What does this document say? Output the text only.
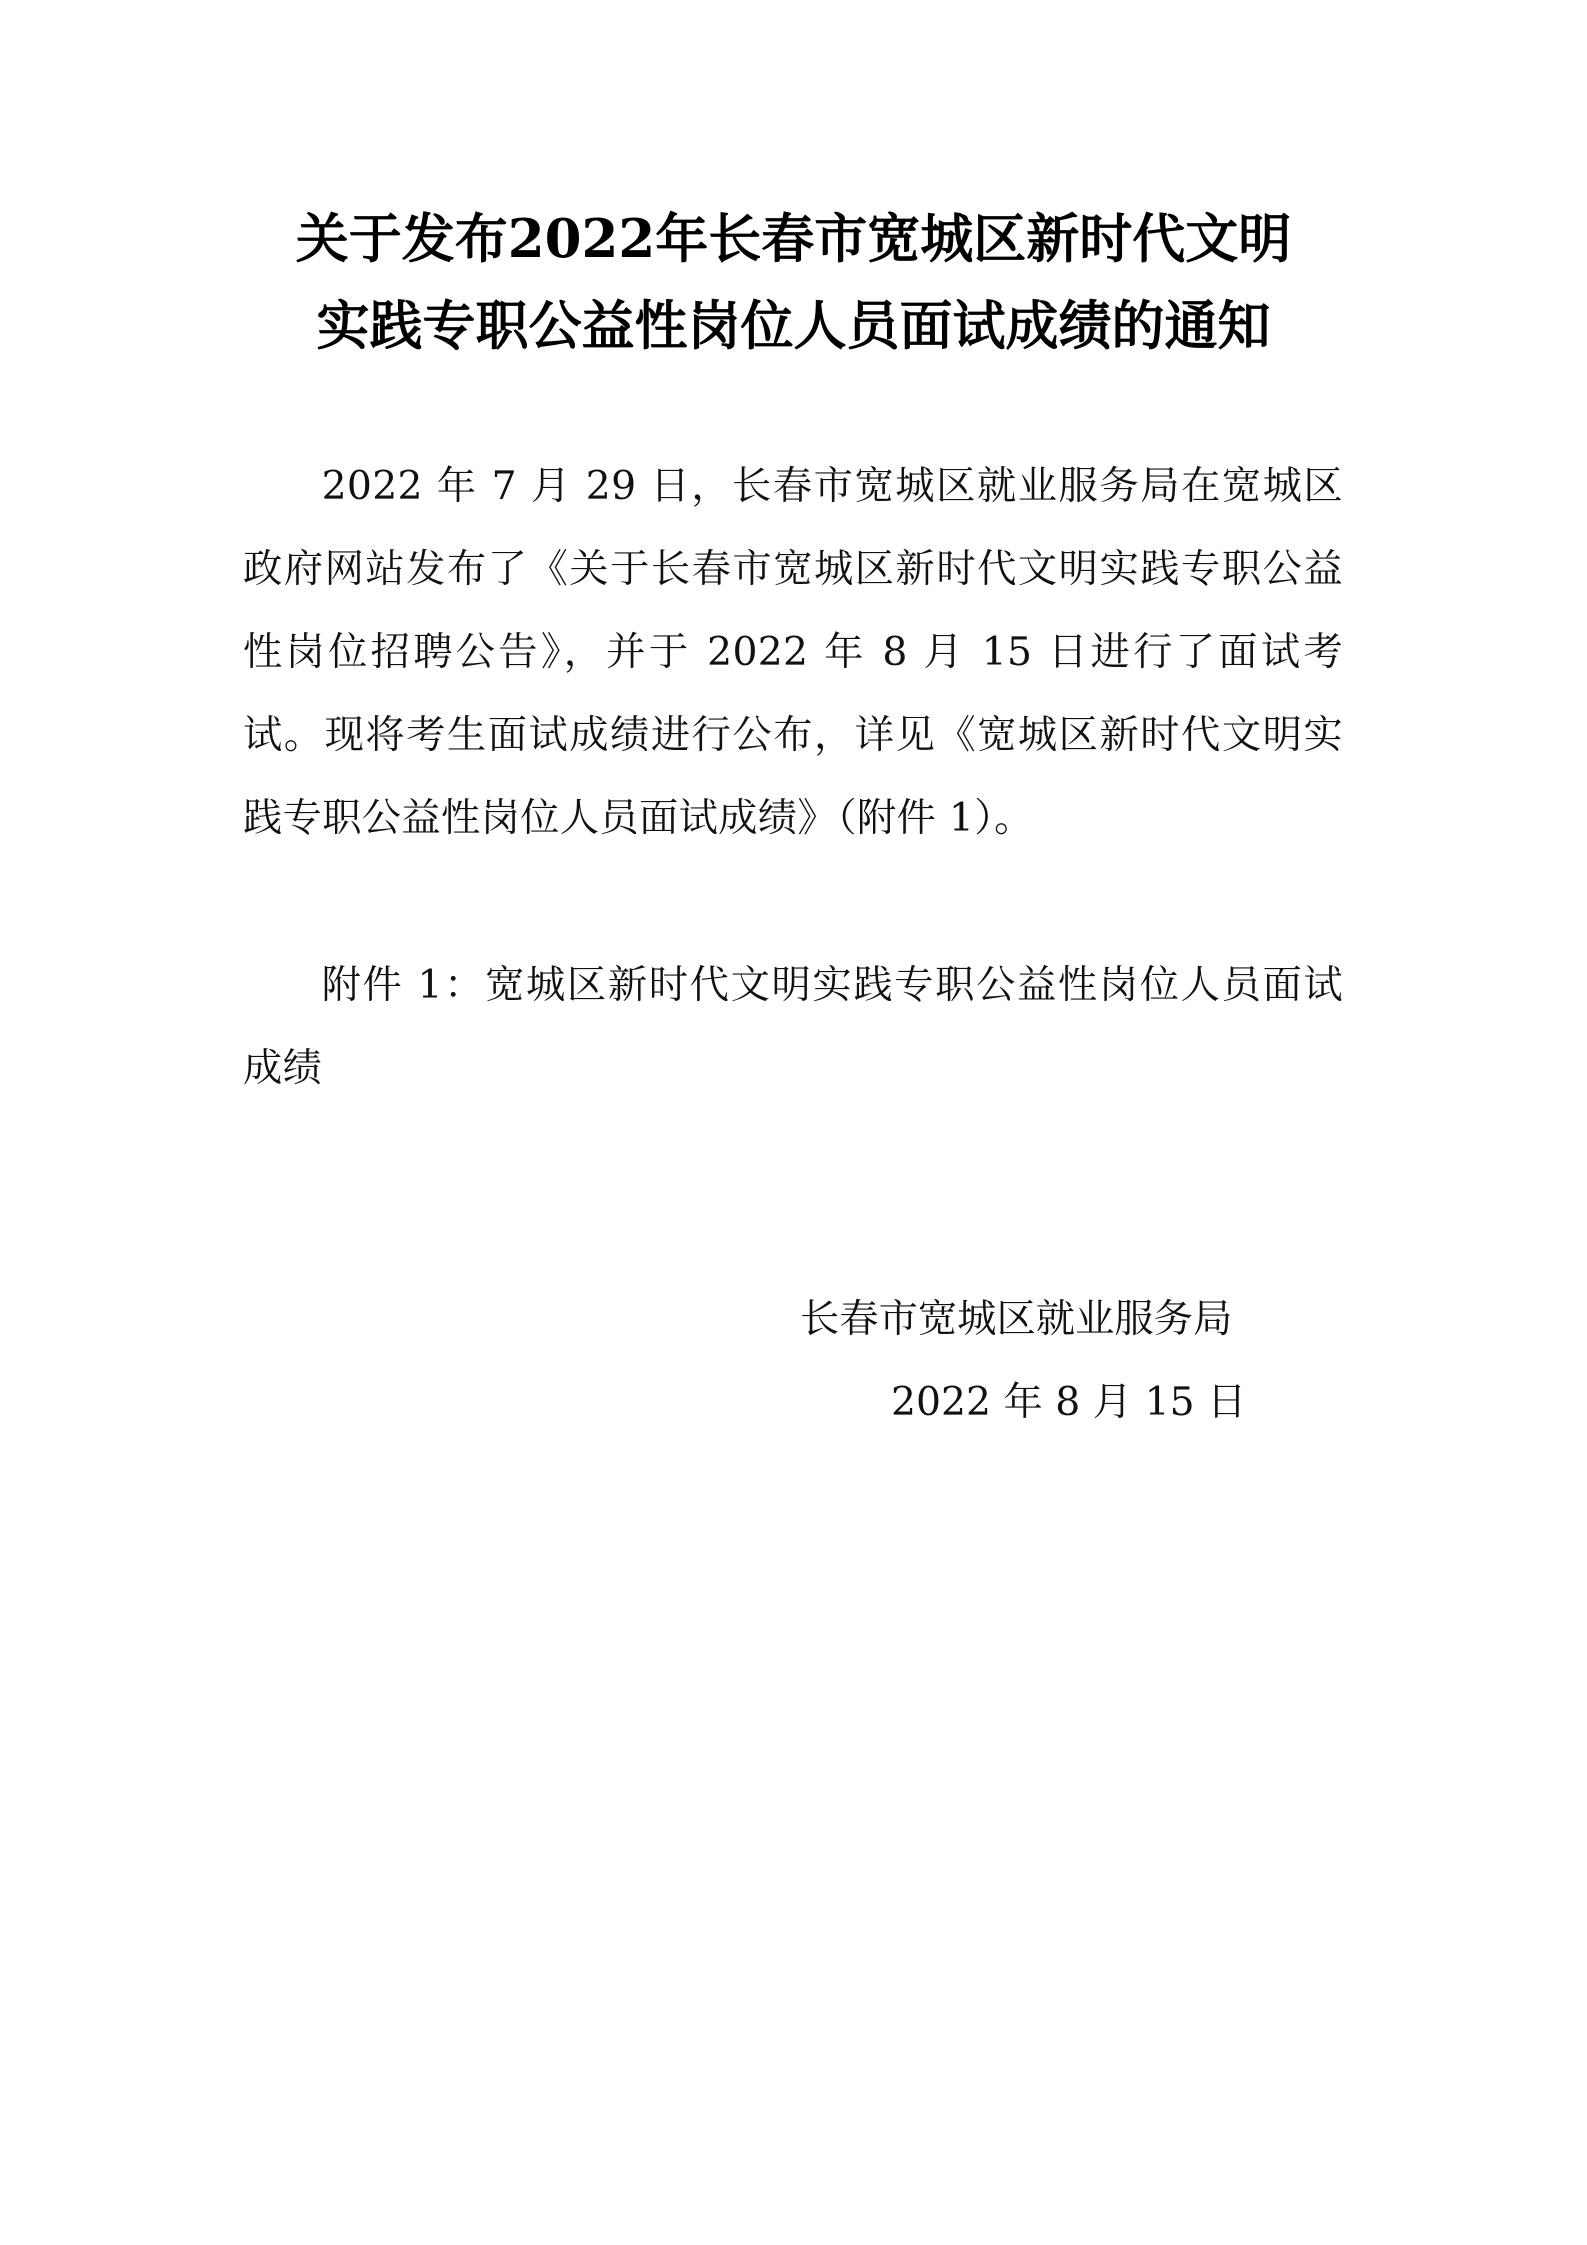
关于发布2022年长春市宽城区新时代文明
实践专职公益性岗位人员面试成绩的通知

2022 年 7 月 29 日，长春市宽城区就业服务局在宽城区政府网站发布了《关于长春市宽城区新时代文明实践专职公益性岗位招聘公告》，并于 2022 年 8 月 15 日进行了面试考试。现将考生面试成绩进行公布，详见《宽城区新时代文明实践专职公益性岗位人员面试成绩》（附件 1）。

附件 1：宽城区新时代文明实践专职公益性岗位人员面试成绩

长春市宽城区就业服务局

2022 年 8 月 15 日
